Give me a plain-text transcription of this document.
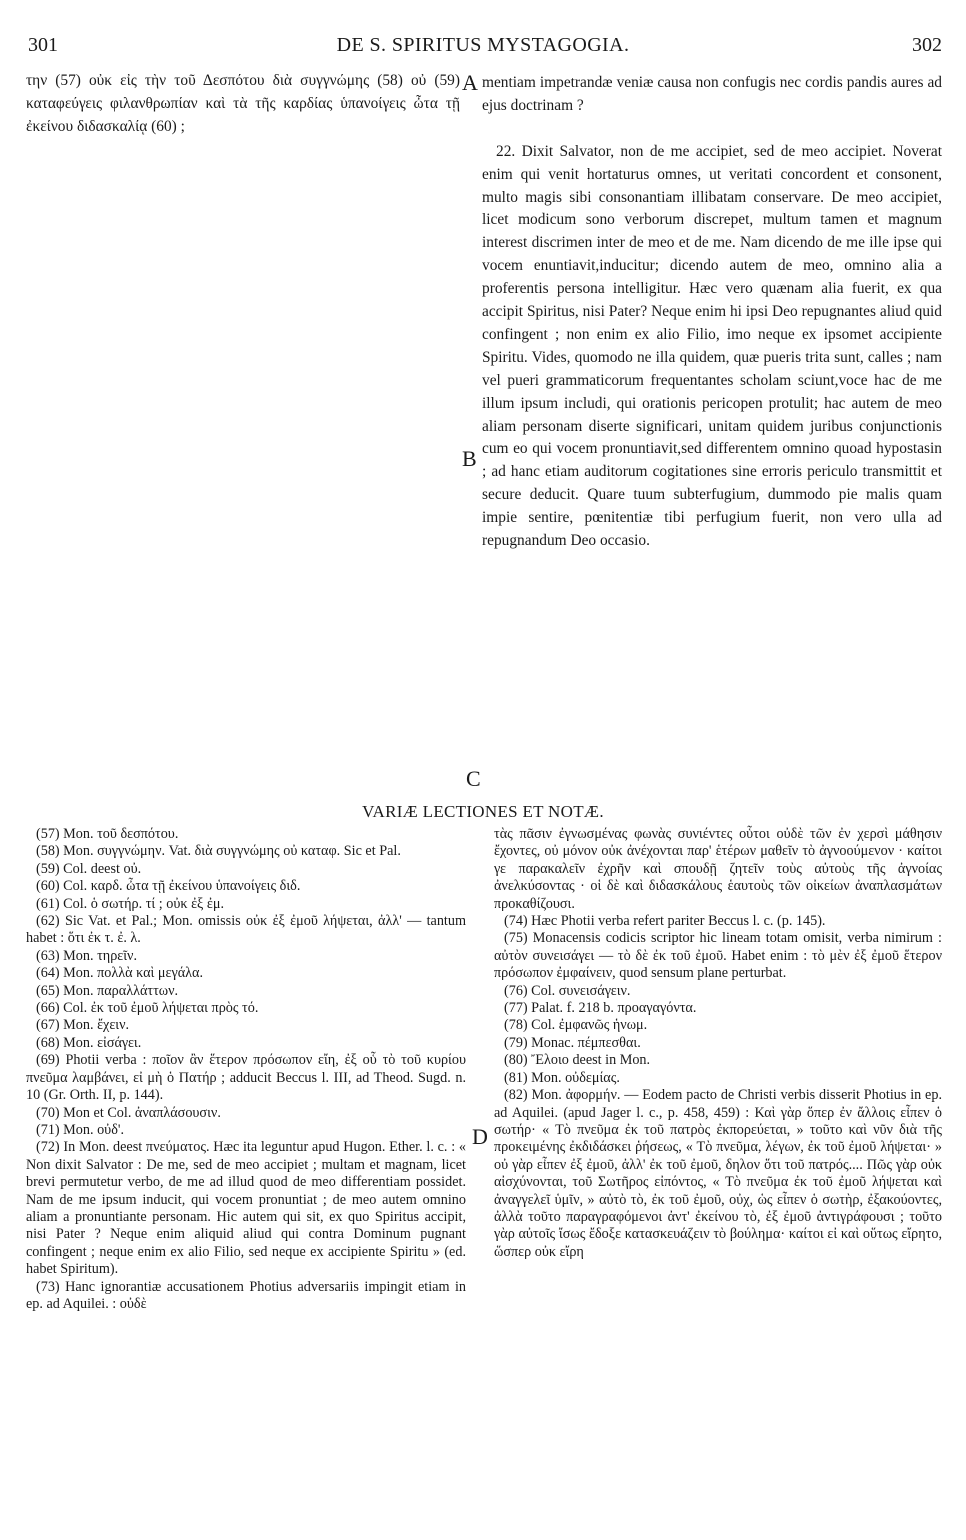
301	DE S. SPIRITUS MYSTAGOGIA.	302

την (57) οὐκ εἰς τὴν τοῦ Δεσπότου διὰ συγγνώμης (58) οὐ (59) καταφεύγεις φιλανθρωπίαν καὶ τὰ τῆς καρδίας ὑπανοίγεις ὦτα τῇ ἐκείνου διδασκαλίᾳ (60) ;

mentiam impetrandæ veniæ causa non confugis nec cordis pandis aures ad ejus doctrinam ?

22. Dixit Salvator, non de me accipiet, sed de meo accipiet. Noverat enim qui venit hortaturus omnes, ut veritati concordent et consonent, multo magis sibi consonantiam illibatam conservare. De meo accipiet, licet modicum sono verborum discrepet, multum tamen et magnum interest discrimen inter de meo et de me. Nam dicendo de me ille ipse qui vocem enuntiavit,inducitur; dicendo autem de meo, omnino alia a proferentis persona intelligitur. Hæc vero quænam alia fuerit, ex qua accipit Spiritus, nisi Pater? Neque enim hi ipsi Deo repugnantes aliud quid confingent ; non enim ex alio Filio, imo neque ex ipsomet accipiente Spiritu. Vides, quomodo ne illa quidem, quæ pueris trita sunt, calles ; nam vel pueri grammaticorum frequentantes scholam sciunt,voce hac de me illum ipsum includi, qui orationis pericopen protulit; hac autem de meo aliam personam diserte significari, unitam quidem juribus conjunctionis cum eo qui vocem pronuntiavit,sed differentem omnino quoad hypostasin ; ad hanc etiam auditorum cogitationes sine erroris periculo transmittit et secure deducit. Quare tuum subterfugium, dummodo pie malis quam impie sentire, pœnitentiæ tibi perfugium fuerit, non vero ulla ad repugnandum Deo occasio.

A
B
C
D
VARIÆ LECTIONES ET NOTÆ.

(57) Mon. τοῦ δεσπότου.

(58) Mon. συγγνώμην. Vat. διὰ συγγνώμης οὐ καταφ. Sic et Pal.

(59) Col. deest οὐ.

(60) Col. καρδ. ὦτα τῇ ἐκείνου ὑπανοίγεις διδ.

(61) Col. ὁ σωτήρ. τί ; οὐκ ἐξ ἐμ.

(62) Sic Vat. et Pal.; Mon. omissis οὐκ ἐξ ἐμοῦ λήψεται, ἀλλ' — tantum habet : ὅτι ἐκ τ. ἐ. λ.

(63) Mon. τηρεῖν.

(64) Mon. πολλὰ καὶ μεγάλα.

(65) Mon. παραλλάττων.

(66) Col. ἐκ τοῦ ἐμοῦ λήψεται πρὸς τό.

(67) Mon. ἔχειν.

(68) Mon. εἰσάγει.

(69) Photii verba : ποῖον ἂν ἕτερον πρόσωπον εἴη, ἐξ οὗ τὸ τοῦ κυρίου πνεῦμα λαμβάνει, εἰ μὴ ὁ Πατήρ ; adducit Beccus l. III, ad Theod. Sugd. n. 10 (Gr. Orth. II, p. 144).

(70) Mon et Col. ἀναπλάσουσιν.

(71) Mon. οὐδ'.

(72) In Mon. deest πνεύματος. Hæc ita leguntur apud Hugon. Ether. l. c. : « Non dixit Salvator : De me, sed de meo accipiet ; multam et magnam, licet brevi permutetur verbo, de me ad illud quod de meo differentiam possidet. Nam de me ipsum inducit, qui vocem pronuntiat ; de meo autem omnino aliam a pronuntiante personam. Hic autem qui sit, ex quo Spiritus accipit, nisi Pater ? Neque enim aliquid aliud qui contra Dominum pugnant confingent ; neque enim ex alio Filio, sed neque ex accipiente Spiritu » (ed. habet Spiritum).

(73) Hanc ignorantiæ accusationem Photius adversariis impingit etiam in ep. ad Aquilei. : οὐδὲ

τὰς πᾶσιν ἐγνωσμένας φωνὰς συνιέντες οὗτοι οὐδὲ τῶν ἐν χερσὶ μάθησιν ἔχοντες, οὐ μόνον οὐκ ἀνέχονται παρ' ἑτέρων μαθεῖν τὸ ἀγνοούμενον · καίτοι γε παρακαλεῖν ἐχρῆν καὶ σπουδῇ ζητεῖν τοὺς αὐτοὺς τῆς ἀγνοίας ἀνελκύσοντας · οἱ δὲ καὶ διδασκάλους ἑαυτοὺς τῶν οἰκείων ἀναπλασμάτων προκαθίζουσι.

(74) Hæc Photii verba refert pariter Beccus l. c. (p. 145).

(75) Monacensis codicis scriptor hic lineam totam omisit, verba nimirum : αὐτὸν συνεισάγει — τὸ δὲ ἐκ τοῦ ἐμοῦ. Habet enim : τὸ μὲν ἐξ ἐμοῦ ἕτερον πρόσωπον ἐμφαίνειν, quod sensum plane perturbat.

(76) Col. συνεισάγειν.

(77) Palat. f. 218 b. προαγαγόντα.

(78) Col. ἐμφανῶς ἡνωμ.

(79) Monac. πέμπεσθαι.

(80) Ἔλοιο deest in Mon.

(81) Mon. οὐδεμίας.

(82) Mon. ἀφορμήν. — Eodem pacto de Christi verbis disserit Photius in ep. ad Aquilei. (apud Jager l. c., p. 458, 459) : Καὶ γὰρ ὅπερ ἐν ἄλλοις εἶπεν ὁ σωτήρ· « Τὸ πνεῦμα ἐκ τοῦ πατρὸς ἐκπορεύεται, » τοῦτο καὶ νῦν διὰ τῆς προκειμένης ἐκδιδάσκει ῥήσεως, « Τὸ πνεῦμα, λέγων, ἐκ τοῦ ἐμοῦ λήψεται· » οὐ γὰρ εἶπεν ἐξ ἐμοῦ, ἀλλ' ἐκ τοῦ ἐμοῦ, δηλον ὅτι τοῦ πατρός.... Πῶς γὰρ οὐκ αἰσχύνονται, τοῦ Σωτῆρος εἰπόντος, « Τὸ πνεῦμα ἐκ τοῦ ἐμοῦ λήψεται καὶ ἀναγγελεῖ ὑμῖν, » αὐτὸ τὸ, ἐκ τοῦ ἐμοῦ, οὐχ, ὡς εἶπεν ὁ σωτὴρ, ἐξακούοντες, ἀλλὰ τοῦτο παραγραφόμενοι ἀντ' ἐκείνου τὸ, ἐξ ἐμοῦ ἀντιγράφουσι ; τοῦτο γὰρ αὐτοῖς ἴσως ἔδοξε κατασκευάζειν τὸ βούλημα· καίτοι εἰ καὶ οὕτως εἴρητο, ὥσπερ οὐκ εἴρη
